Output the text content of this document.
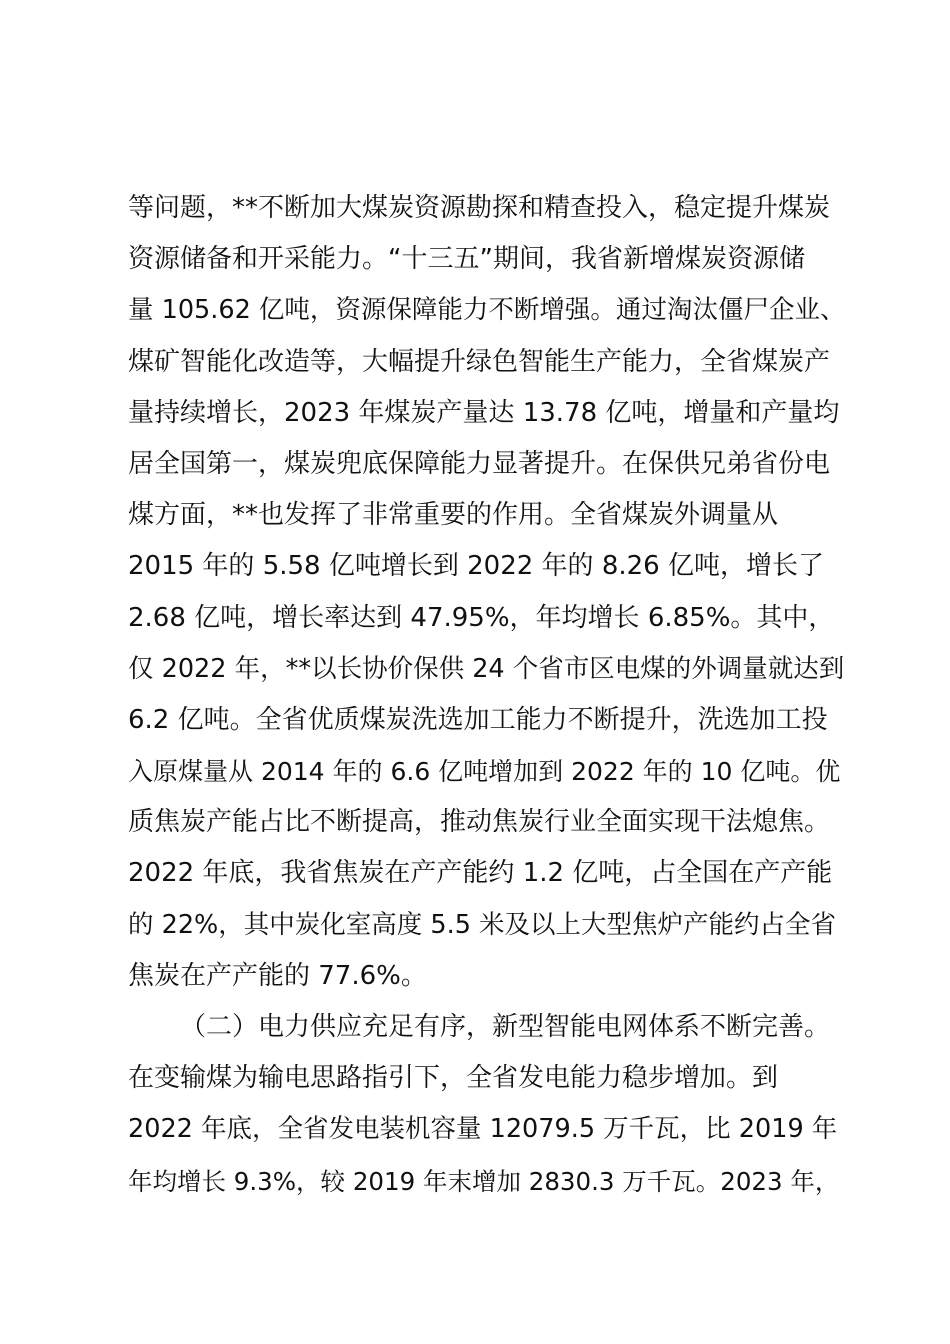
等问题，**不断加大煤炭资源勘探和精查投入，稳定提升煤炭
资源储备和开采能力。“十三五”期间，我省新增煤炭资源储
量 105.62 亿吨，资源保障能力不断增强。通过淘汰僵尸企业、
煤矿智能化改造等，大幅提升绿色智能生产能力，全省煤炭产
量持续增长，2023 年煤炭产量达 13.78 亿吨，增量和产量均
居全国第一，煤炭兜底保障能力显著提升。在保供兄弟省份电
煤方面，**也发挥了非常重要的作用。全省煤炭外调量从
2015 年的 5.58 亿吨增长到 2022 年的 8.26 亿吨，增长了
2.68 亿吨，增长率达到 47.95%，年均增长 6.85%。其中，
仅 2022 年，**以长协价保供 24 个省市区电煤的外调量就达到
6.2 亿吨。全省优质煤炭洗选加工能力不断提升，洗选加工投
入原煤量从 2014 年的 6.6 亿吨增加到 2022 年的 10 亿吨。优
质焦炭产能占比不断提高，推动焦炭行业全面实现干法熄焦。
2022 年底，我省焦炭在产产能约 1.2 亿吨，占全国在产产能
的 22%，其中炭化室高度 5.5 米及以上大型焦炉产能约占全省
焦炭在产产能的 77.6%。
（二）电力供应充足有序，新型智能电网体系不断完善。
在变输煤为输电思路指引下，全省发电能力稳步增加。到
2022 年底，全省发电装机容量 12079.5 万千瓦，比 2019 年
年均增长 9.3%，较 2019 年末增加 2830.3 万千瓦。2023 年，
